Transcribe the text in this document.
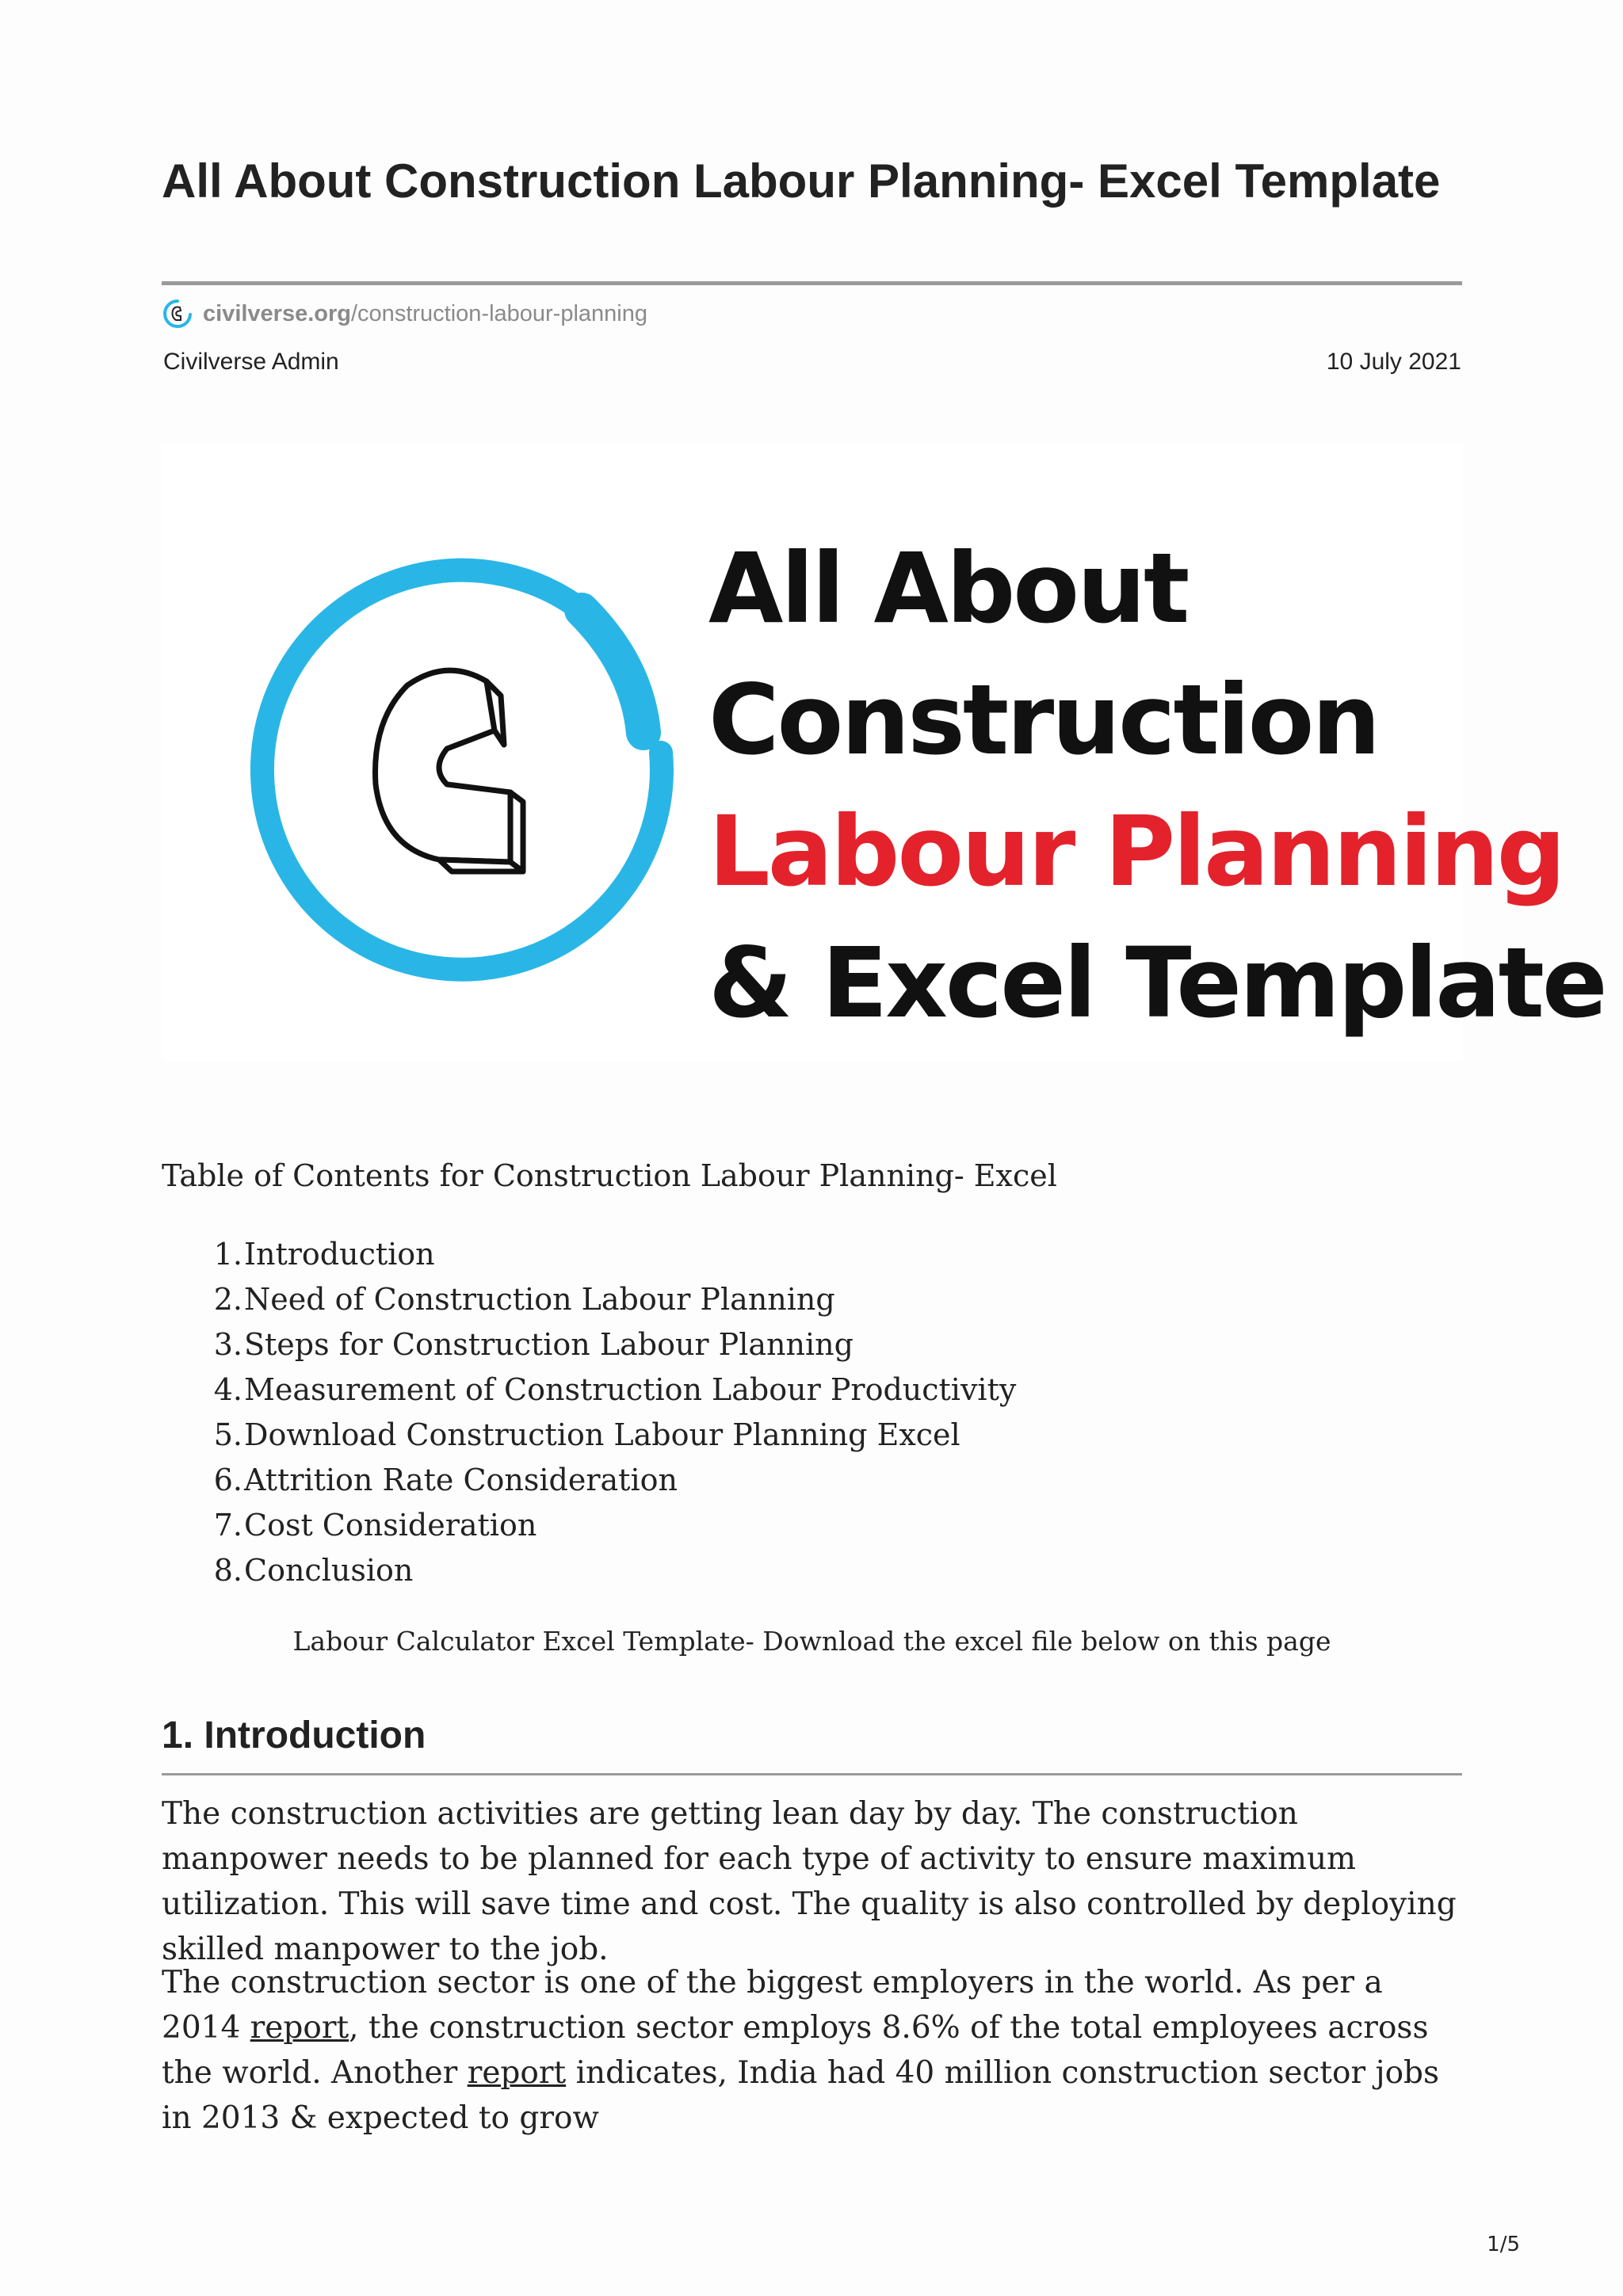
All About Construction Labour Planning- Excel Template
civilverse.org /construction-labour-planning
Civilverse Admin	10 July 2021
All About
Construction
Labour Planning
& Excel Template
Table of Contents for Construction Labour Planning- Excel
1. Introduction
2. Need of Construction Labour Planning
3. Steps for Construction Labour Planning
4. Measurement of Construction Labour Productivity
5. Download Construction Labour Planning Excel
6. Attrition Rate Consideration
7. Cost Consideration
8. Conclusion
Labour Calculator Excel Template- Download the excel file below on this page
1. Introduction

The construction activities are getting lean day by day. The construction manpower needs to be planned for each type of activity to ensure maximum utilization. This will save time and cost. The quality is also controlled by deploying skilled manpower to the job.

The construction sector is one of the biggest employers in the world. As per a 2014 report, the construction sector employs 8.6% of the total employees across the world. Another report indicates, India had 40 million construction sector jobs in 2013 & expected to grow

1/5
